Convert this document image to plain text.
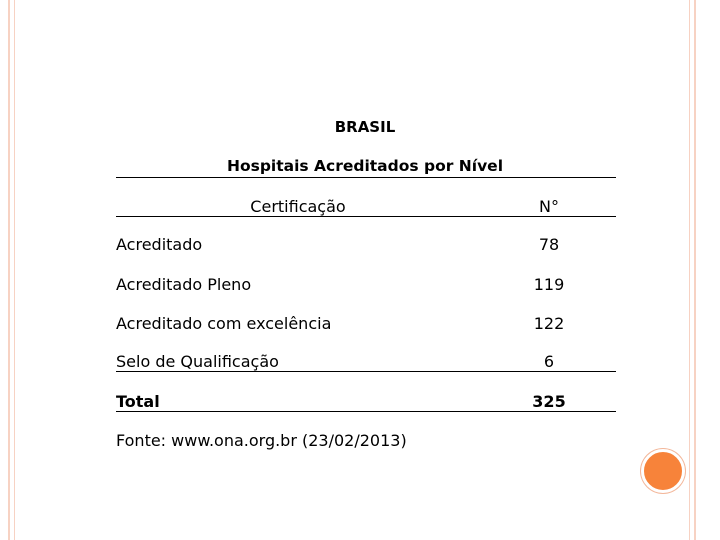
BRASIL
Hospitais Acreditados por Nível
Certificação	N°
Acreditado	78
Acreditado Pleno	119
Acreditado com excelência	122
Selo de Qualificação	6
Total	325
Fonte: www.ona.org.br (23/02/2013)
